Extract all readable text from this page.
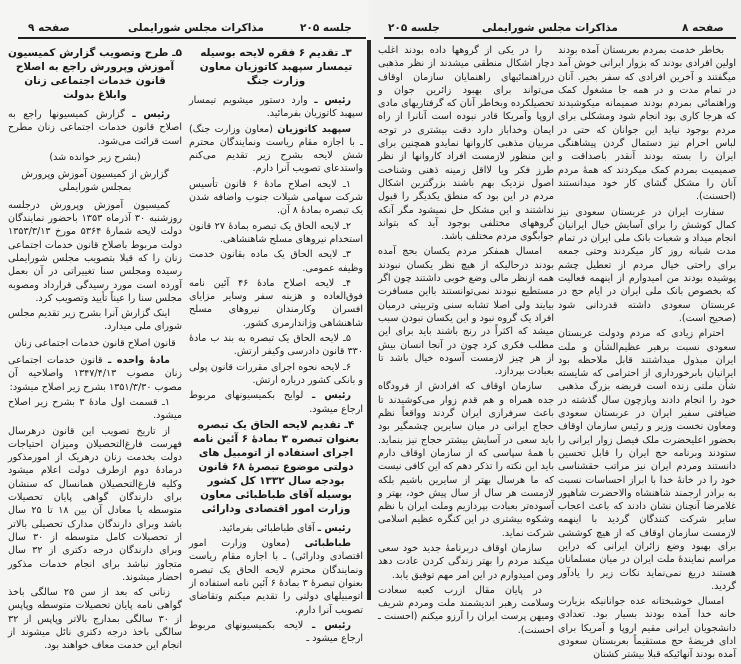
صفحه ۹	مذاکرات مجلس شورایملی	جلسه ۲۰۵

۵ـ طرح وتصویب گزارش کمیسیون آموزش وپرورش راجع به اصلاح قانون خدمات اجتماعی زنان وابلاغ بدولت

رئیس ـ گزارش کمیسیونها راجع به اصلاح قانون خدمات اجتماعی زنان مطرح است قرائت می‌شود.

(بشرح زیر خوانده شد)

گزارش از کمیسیون آموزش وپرورش بمجلس شورایملی

کمیسیون آموزش وپرورش درجلسه روزشنبه ۳۰ آذرماه ۱۳۵۳ باحضور نمایندگان دولت لایحه شمارهٔ ۵۳۶۴ مورخ ۱۳۵۳/۳/۱۳ دولت مربوط باصلاح قانون خدمات اجتماعی زنان را که قبلا بتصویب مجلس شورایملی رسیده ومجلس سنا تغییراتی در آن بعمل آورده است مورد رسیدگی قرارداد ومصوبه مجلس سنا را عیناً تأیید وتصویب کرد.

اینک گزارش آنرا بشرح زیر تقدیم مجلس شورای ملی میدارد.

قانون اصلاح قانون خدمات اجتماعی زنان

مادهٔ واحده ـ قانون خدمات اجتماعی زنان مصوب ۱۳۴۷/۴/۱۳ واصلاحیه آن مصوب ۱۳۵۱/۳/۳۰ بشرح زیر اصلاح میشود:

۱ـ قسمت اول مادهٔ ۳ بشرح زیر اصلاح میشود.

از تاریخ تصویب این قانون درهرسال فهرست فارغ‌التحصیلان ومیزان احتیاجات دولت بخدمت زنان درهریک از امورمذکور درمادهٔ دوم ازطرف دولت اعلام میشود وکلیه فارغ‌التحصیلان همانسال که سنشان برای دارندگان گواهی پایان تحصیلات متوسطه یا معادل آن بین ۱۸ تا ۲۵ سال باشد وبرای دارندگان مدارک تحصیلی بالاتر از تحصیلات کامل متوسطه از ۳۰ سال وبرای دارندگان درجه دکتری از ۳۲ سال متجاوز نباشد برای انجام خدمات مذکور احضار میشوند.

زنانی که بعد از سن ۲۵ سالگی باخذ گواهی نامه پایان تحصیلات متوسطه وپاپس از ۳۰ سالگی بمدارج بالاتر وپاپس از ۳۲ سالگی باخذ درجه دکتری نائل میشوند از انجام این خدمت معاف خواهند بود.

۳ـ تقدیم ۶ فقره لایحه بوسیله تیمسار سپهبد کاتوزیان معاون وزارت جنگ

رئیس ـ وارد دستور میشویم تیمسار سپهبد کاتوزیان بفرمائید.

سپهبد کاتوزیان (معاون وزارت جنگ) ـ با اجازه مقام ریاست ونمایندگان محترم شش لایحه بشرح زیر تقدیم می‌کنم واستدعای تصویب آنرا دارم.

۱ـ لایحه اصلاح مادهٔ ۶ قانون تأسیس شرکت سهامی شیلات جنوب واضافه شدن یک تبصره بمادهٔ ۸ آن.

۲ـ لایحه الحاق یک تبصره بمادهٔ ۲۷ قانون استخدام نیروهای مسلح شاهنشاهی.

۳ـ لایحه الحاق یک ماده بقانون خدمت وظیفه عمومی.

۴ـ لایحه اصلاح مادهٔ ۴۶ آئین نامه فوق‌العاده و هزینه سفر وسایر مزایای افسران وکارمندان نیروهای مسلح شاهنشاهی وژاندارمری کشور.

۵ـ لایحه الحاق یک تبصره به بند ب مادهٔ ۳۳۰ قانون دادرسی وکیفر ارتش.

۶ـ لایحه نحوه اجرای مقررات قانون پولی و بانکی کشور درباره ارتش.

رئیس ـ لوایح بکمیسیونهای مربوط ارجاع میشود.

۴ـ تقدیم لایحه الحاق یک تبصره بعنوان تبصره ۳ بمادهٔ ۶ آئین نامه اجرای استفاده از اتومبیل های دولتی موضوع تبصرهٔ ۶۸ قانون بودجه سال ۱۳۳۲ کل کشور بوسیله آقای طباطبائی معاون وزارت امور اقتصادی ودارائی

رئیس ـ آقای طباطبائی بفرمائید.

طباطبائی (معاون وزارت امور اقتصادی ودارائی) ـ با اجازه مقام ریاست ونمایندگان محترم لایحه الحاق یک تبصره بعنوان تبصرهٔ ۳ بمادهٔ ۶ آئین نامه استفاده از اتومبیلهای دولتی را تقدیم میکنم وتقاضای تصویب آنرا دارم.

رئیس ـ لایحه بکمیسیونهای مربوط ارجاع میشود ـ

جلسه ۲۰۵	مذاکرات مجلس شورایملی	صفحه ۸

را در یکی از گروهها داده بودند اغلب دچار اشکال منطقی میشدند از نظر مذهبی درراهنمائیهای راهنمایان سازمان اوقاف می‌تواند برای بهبود زائرین جوان و تحصیلکرده وبخاطر آنان که گرفتاریهای مادی اروپا وآمریکا قادر نبوده است آنانرا از راه ایمان وخداباز دارد دقت بیشتری در توجه مربیان مذهبی کاروانها نمایدو همچنین برای این منظور لازمست افراد کاروانها از نظر طرز فکر ویا لااقل زمینه ذهنی وشناخت اصول نزدیک بهم باشند بزرگترین اشکال مردم در این بود که منطق یکدیگر را قبول نداشتند و این مشکل حل نمیشود مگر آنکه گروههای مختلفی بوجود آید که بتواند جوابگوی مردم مختلف باشد.

امسال همفکر مردم یکسان بحج آمده بودند درحالیکه از هیچ نظر یکسان نبودند همه ازنظر مالی وضع خوبی داشتند چون اگر مستطیع نبودند نمی‌توانستند بااین مسافرت بیایند ولی اصلا تشابه سنی وتربیتی درمیان افراد یک گروه نبود و این یکسان نبودن سبب میشد که اکثراً در رنج باشند باید برای این مطلب فکری کرد چون در آنجا انسان بیش از هر چیز لازمست آسوده خیال باشد تا بعبادت بپردازد.

سازمان اوقاف که افرادش از فرودگاه جده همراه و هم قدم زوار می‌کوشیدند تا باعث سرفرازی ایران گردند وواقعاً نظم حجاج ایرانی در میان سایرین چشمگیر بود باید سعی در آسایش بیشتر حجاج نیز بنماید. با همهٔ سپاسی که از سازمان اوقاف دارم باید این نکته را تذکر دهم که این کافی نیست که ما هرسال بهتر از سایرین باشیم بلکه لازمست هر سال از سال پیش خود، بهتر و آسوده‌تر بعبادت بپردازیم وملت ایران با نظم وشکوه بیشتری در این کنگره عظیم اسلامی شرکت نماید.

سازمان اوقاف دربرنامهٔ جدید خود سعی میکند مردم را بهتر زندگی کردن عادت دهد ومن امیدوارم در این امر مهم توفیق یابد.

در پایان مقال ازرب کعبه سعادت وسلامت رهبر اندیشمند ملت ومردم شریف ومیهن پرست ایران را آرزو میکنم (احسنت ـ احسنت).

بخاطر خدمت بمردم بعربستان آمده بودند اولین افرادی بودند که بزوار ایرانی خوش آمد میگفتند و آخرین افرادی که سفر بخیر. آنان در تمام مدت و در همه جا مشغول کمک وراهنمائی بمردم بودند صمیمانه میکوشیدند که هرجا کاری بود انجام شود ومشکلی برای مردم بوجود نیاید این جوانان که حتی در لباس احرام نیز دستمال گردن پیشاهنگی ایران را بسته بودند آنقدر باصداقت و صمیمیت بمردم کمک میکردند که همهٔ مردم آنان را مشکل گشای کار خود میدانستند (احسنت).

سفارت ایران در عربستان سعودی نیز کمال کوشش را برای آسایش خیال ایرانیان انجام میداد و شعبات بانک ملی ایران در تمام مدت شبانه روز کار میکردند وحتی جمعه برای راحتی خیال مردم از تعطیل چشم پوشیده بودند من امیدوارم از اینهمه فعالیت که بخصوص بانک ملی ایران در ایام حج در عربستان سعودی داشته قدردانی شود (صحیح است).

احترام زیادی که مردم ودولت عربستان سعودی نسبت برهبر عظیم‌الشأن و ملت ایران مبذول میداشتند قابل ملاحظه بود ایرانیان بابرخورداری از احترامی که شایسته شأن ملتی زنده است فریضه بزرگ مذهبی خود را انجام دادند وبازچون سال گذشته در ضیافتی سفیر ایران در عربستان سعودی ومعاون نخست وزیر و رئیس سازمان اوقاف بحضور اعلیحضرت ملک فیصل زوار ایرانی را ستودند وبرنامه حج ایران را قابل تحسین دانستند ومردم ایران نیز مراتب حقشناسی خود را در خانهٔ خدا با ابراز احساسات نسبت به برادر ارجمند شاهنشاه والاحضرت شاهپور غلامرضا آنچنان نشان دادند که باعث اعجاب سایر شرکت کنندگان گردید با اینهمه لازمست سازمان اوقاف که از هیچ کوششی برای بهبود وضع زائران ایرانی که دراین مراسم نمایندهٔ ملت ایران در میان مسلمانان هستند دریغ نمی‌نماید نکات زیر را یادآور گردید.

امسال خوشبختانه عده جوانانیکه بزیارت خانه خدا آمده بودند بسیار بود. تعدادی دانشجویان ایرانی مقیم اروپا و آمریکا برای ادای فریضهٔ حج مستقیماً بعربستان سعودی آمده بودند آنهائیکه قبلا بیشتر کشتان
